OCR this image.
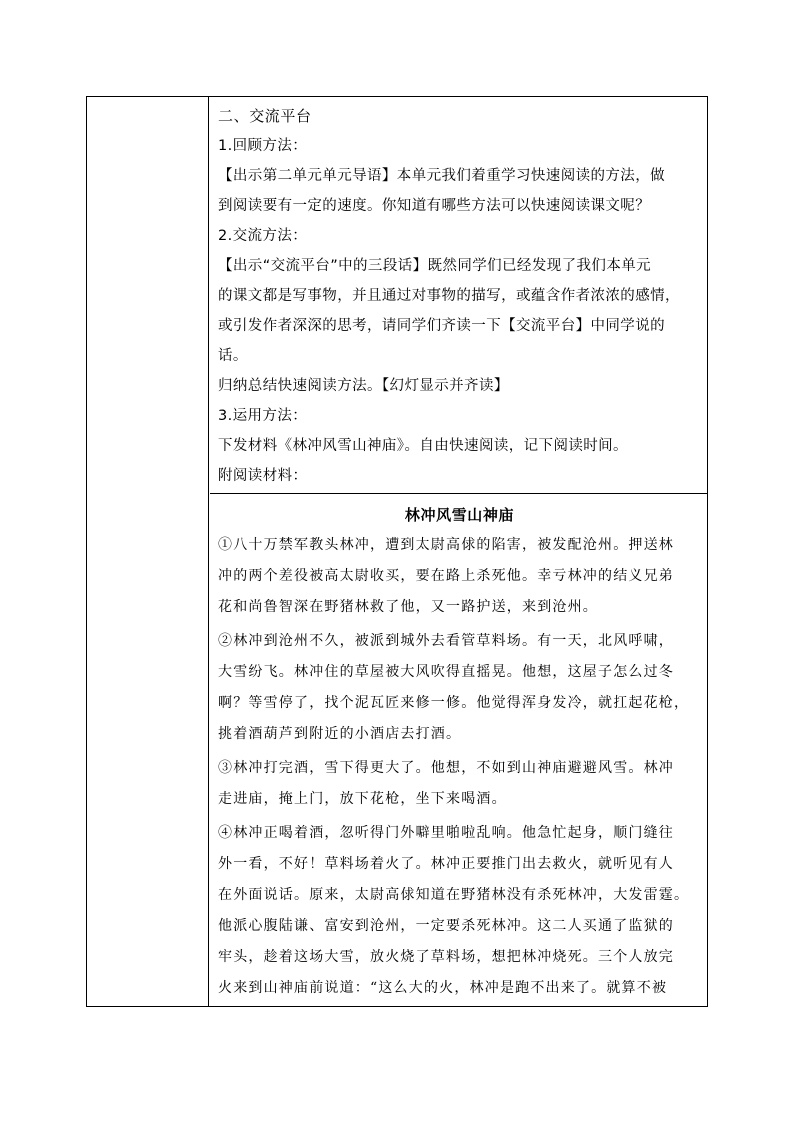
二、交流平台
1.回顾方法：
【出示第二单元单元导语】本单元我们着重学习快速阅读的方法，做
到阅读要有一定的速度。你知道有哪些方法可以快速阅读课文呢？
2.交流方法：
【出示“交流平台”中的三段话】既然同学们已经发现了我们本单元
的课文都是写事物，并且通过对事物的描写，或蕴含作者浓浓的感情，
或引发作者深深的思考，请同学们齐读一下【交流平台】中同学说的
话。
归纳总结快速阅读方法。【幻灯显示并齐读】
3.运用方法：
下发材料《林冲风雪山神庙》。自由快速阅读，记下阅读时间。
附阅读材料：
林冲风雪山神庙
①八十万禁军教头林冲，遭到太尉高俅的陷害，被发配沧州。押送林
冲的两个差役被高太尉收买，要在路上杀死他。幸亏林冲的结义兄弟
花和尚鲁智深在野猪林救了他，又一路护送，来到沧州。
②林冲到沧州不久，被派到城外去看管草料场。有一天，北风呼啸，
大雪纷飞。林冲住的草屋被大风吹得直摇晃。他想，这屋子怎么过冬
啊？等雪停了，找个泥瓦匠来修一修。他觉得浑身发冷，就扛起花枪，
挑着酒葫芦到附近的小酒店去打酒。
③林冲打完酒，雪下得更大了。他想，不如到山神庙避避风雪。林冲
走进庙，掩上门，放下花枪，坐下来喝酒。
④林冲正喝着酒，忽听得门外噼里啪啦乱响。他急忙起身，顺门缝往
外一看，不好！草料场着火了。林冲正要推门出去救火，就听见有人
在外面说话。原来，太尉高俅知道在野猪林没有杀死林冲，大发雷霆。
他派心腹陆谦、富安到沧州，一定要杀死林冲。这二人买通了监狱的
牢头，趁着这场大雪，放火烧了草料场，想把林冲烧死。三个人放完
火来到山神庙前说道：“这么大的火，林冲是跑不出来了。就算不被
